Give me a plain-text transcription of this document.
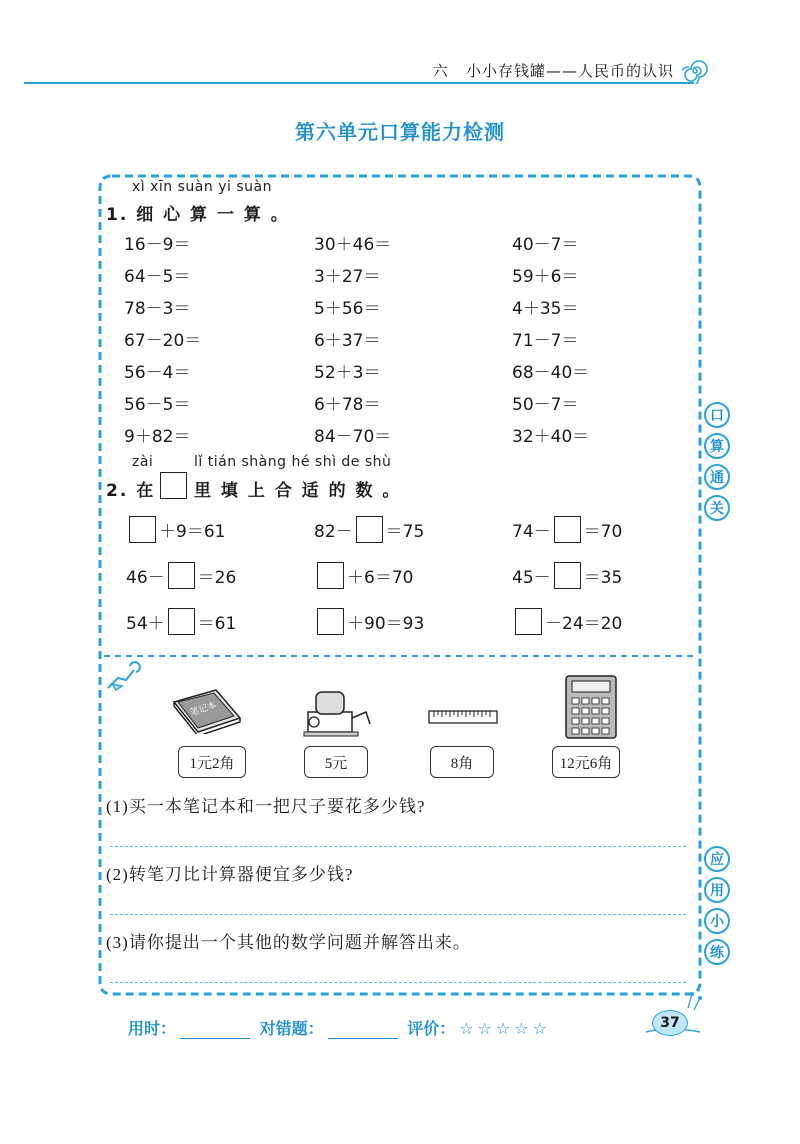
六 小小存钱罐——人民币的认识
第六单元口算能力检测
xì xīn suàn yi suàn
1. 细 心 算 一 算 。
16－9＝	30＋46＝	40－7＝
64－5＝	3＋27＝	59＋6＝
78－3＝	5＋56＝	4＋35＝
67－20＝	6＋37＝	71－7＝
56－4＝	52＋3＝	68－40＝
56－5＝	6＋78＝	50－7＝
9＋82＝	84－70＝	32＋40＝
zài	lǐ tián shàng hé shì de shù
2. 在 里 填 上 合 适 的 数 。
＋9＝61	82－ ＝75	74－ ＝70
46－ ＝26	＋6＝70	45－ ＝35
54＋ ＝61	＋90＝93	－24＝20
笔记本
1元2角	5元	8角	12元6角
(1)买一本笔记本和一把尺子要花多少钱?
(2)转笔刀比计算器便宜多少钱?
(3)请你提出一个其他的数学问题并解答出来。
口
算
通
关
应
用
小
练
用时：	对错题：	评价： ☆☆☆☆☆	37
